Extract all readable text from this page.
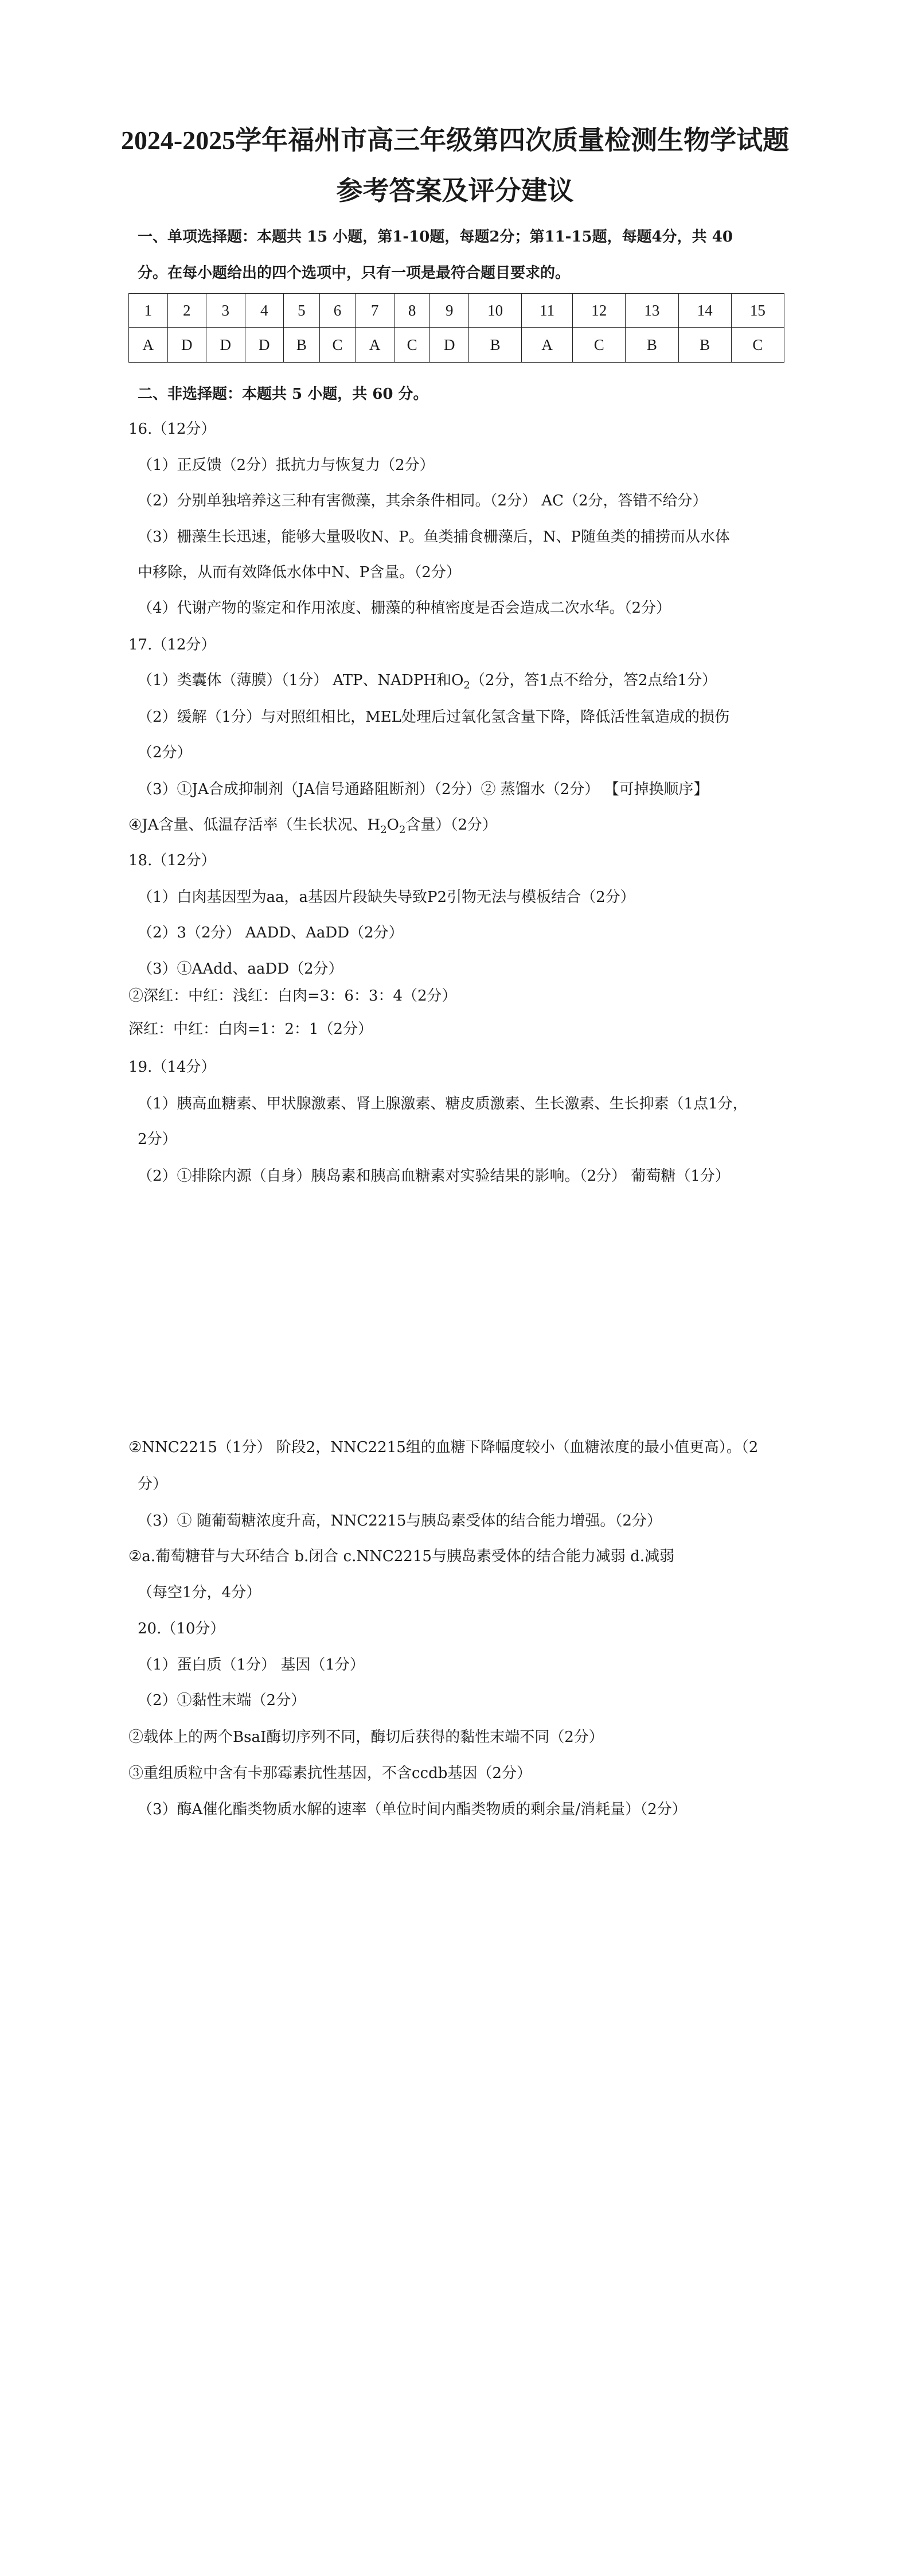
2024-2025学年福州市高三年级第四次质量检测生物学试题
参考答案及评分建议
一、单项选择题：本题共 15 小题，第1-10题，每题2分；第11-15题，每题4分，共 40
分。在每小题给出的四个选项中，只有一项是最符合题目要求的。
1	2	3	4	5	6	7	8	9	10	11	12	13	14	15
A	D	D	D	B	C	A	C	D	B	A	C	B	B	C
二、非选择题：本题共 5 小题，共 60 分。
16.（12分）
（1）正反馈（2分）抵抗力与恢复力（2分）
（2）分别单独培养这三种有害微藻，其余条件相同。（2分） AC（2分，答错不给分）
（3）栅藻生长迅速，能够大量吸收N、P。鱼类捕食栅藻后，N、P随鱼类的捕捞而从水体
中移除，从而有效降低水体中N、P含量。（2分）
（4）代谢产物的鉴定和作用浓度、栅藻的种植密度是否会造成二次水华。（2分）
17.（12分）
（1）类囊体（薄膜）（1分） ATP、NADPH和$O_2(2$分，答1点不给分，答2点给1分）
（2）缓解（1分）与对照组相比，MEL处理后过氧化氢含量下降，降低活性氧造成的损伤
（2分）
（3）①JA合成抑制剂（JA信号通路阻断剂）（2分）② 蒸馏水（2分） 【可掉换顺序】
④JA含量、低温存活率（生长状况、$H_2O_2$含量）（2分）
18.（12分）
（1）白肉基因型为aa，a基因片段缺失导致P2引物无法与模板结合（2分）
（2）3（2分） AADD、AaDD（2分）
（3）①AAdd、aaDD（2分）
②深红：中红：浅红：白肉=3：6：3：4（2分）
深红：中红：白肉=1：2：1（2分）
19.（14分）
（1）胰高血糖素、甲状腺激素、肾上腺激素、糖皮质激素、生长激素、生长抑素（1点1分，
2分）
（2）①排除内源（自身）胰岛素和胰高血糖素对实验结果的影响。（2分） 葡萄糖（1分）
②NNC2215（1分） 阶段2，NNC2215组的血糖下降幅度较小（血糖浓度的最小值更高）。（2
分）
（3）① 随葡萄糖浓度升高，NNC2215与胰岛素受体的结合能力增强。（2分）
②a.葡萄糖苷与大环结合 b.闭合 c.NNC2215与胰岛素受体的结合能力减弱 d.减弱
（每空1分，4分）
20.（10分）
（1）蛋白质（1分） 基因（1分）
（2）①黏性末端（2分）
②载体上的两个BsaⅠ酶切序列不同，酶切后获得的黏性末端不同（2分）
③重组质粒中含有卡那霉素抗性基因，不含ccdb基因（2分）
（3）酶A催化酯类物质水解的速率（单位时间内酯类物质的剩余量/消耗量）（2分）
